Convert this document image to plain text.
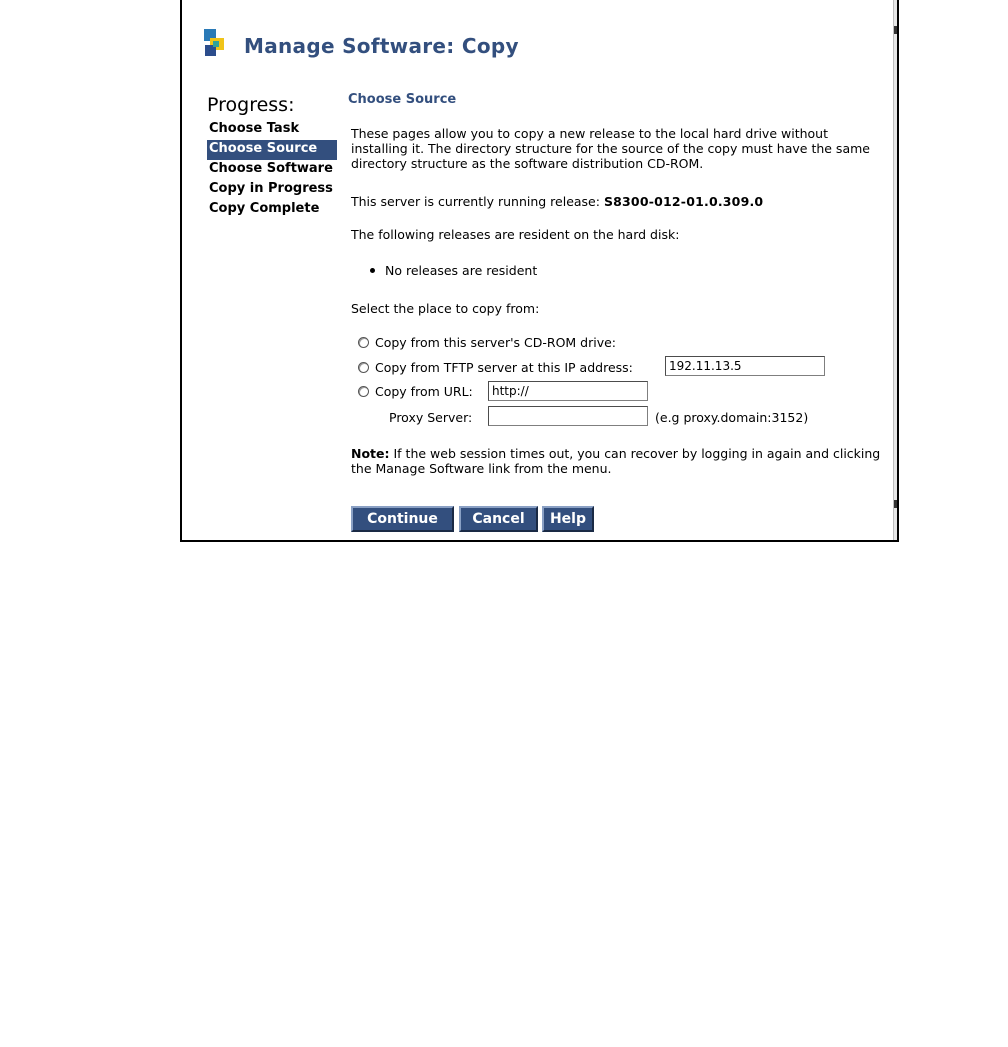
Manage Software: Copy
Progress:
Choose Task
Choose Source
Choose Software
Copy in Progress
Copy Complete
Choose Source
These pages allow you to copy a new release to the local hard drive without installing it. The directory structure for the source of the copy must have the same directory structure as the software distribution CD-ROM.
This server is currently running release: S8300-012-01.0.309.0
The following releases are resident on the hard disk:
No releases are resident
Select the place to copy from:
Copy from this server's CD-ROM drive:
Copy from TFTP server at this IP address:	192.11.13.5
Copy from URL:	http://
Proxy Server:	(e.g proxy.domain:3152)
Note: If the web session times out, you can recover by logging in again and clicking the Manage Software link from the menu.
Continue	Cancel	Help
